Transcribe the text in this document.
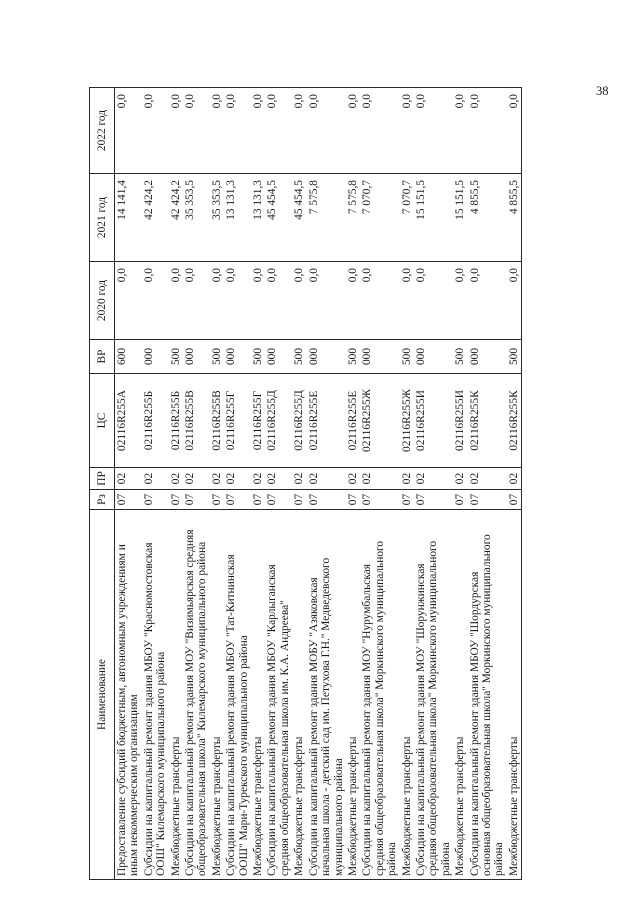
38
Наименование	Рз	ПР	ЦС	ВР	2020 год	2021 год	2022 год

Предоставление субсидий бюджетным, автономным учреждениям и иным некоммерческим организациям	07	02	02116R255A	600	0,0	14 141,4	0,0

Субсидии на капитальный ремонт здания МБОУ "Красномостовская ООШ" Килемарского муниципального района	07	02	02116R255Б	000	0,0	42 424,2	0,0

Межбюджетные трансферты	07	02	02116R255Б	500	0,0	42 424,2	0,0

Субсидии на капитальный ремонт здания МОУ "Визимьярская средняя общеобразовательная школа" Килемарского муниципального района	07	02	02116R255В	000	0,0	35 353,5	0,0

Межбюджетные трансферты	07	02	02116R255В	500	0,0	35 353,5	0,0

Субсидии на капитальный ремонт здания МБОУ "Тат-Китнинская ООШ" Мари-Турекского муниципального района	07	02	02116R255Г	000	0,0	13 131,3	0,0

Межбюджетные трансферты	07	02	02116R255Г	500	0,0	13 131,3	0,0

Субсидии на капитальный ремонт здания МБОУ "Карлыганская средняя общеобразовательная школа им. К.А. Андреева"	07	02	02116R255Д	000	0,0	45 454,5	0,0

Межбюджетные трансферты	07	02	02116R255Д	500	0,0	45 454,5	0,0

Субсидии на капитальный ремонт здания МОБУ "Азяковская начальная школа - детский сад им. Петухова Г.Н." Медведевского муниципального района	07	02	02116R255Е	000	0,0	7 575,8	0,0

Межбюджетные трансферты	07	02	02116R255Е	500	0,0	7 575,8	0,0

Субсидии на капитальный ремонт здания МОУ "Нурумбальская средняя общеобразовательная школа" Моркинского муниципального района	07	02	02116R255Ж	000	0,0	7 070,7	0,0

Межбюджетные трансферты	07	02	02116R255Ж	500	0,0	7 070,7	0,0

Субсидии на капитальный ремонт здания МОУ "Шорунжинская средняя общеобразовательная школа" Моркинского муниципального района	07	02	02116R255И	000	0,0	15 151,5	0,0

Межбюджетные трансферты	07	02	02116R255И	500	0,0	15 151,5	0,0

Субсидии на капитальный ремонт здания МБОУ "Шордурская основная общеобразовательная школа" Моркинского муниципального района	07	02	02116R255К	000	0,0	4 855,5	0,0

Межбюджетные трансферты	07	02	02116R255К	500	0,0	4 855,5	0,0
